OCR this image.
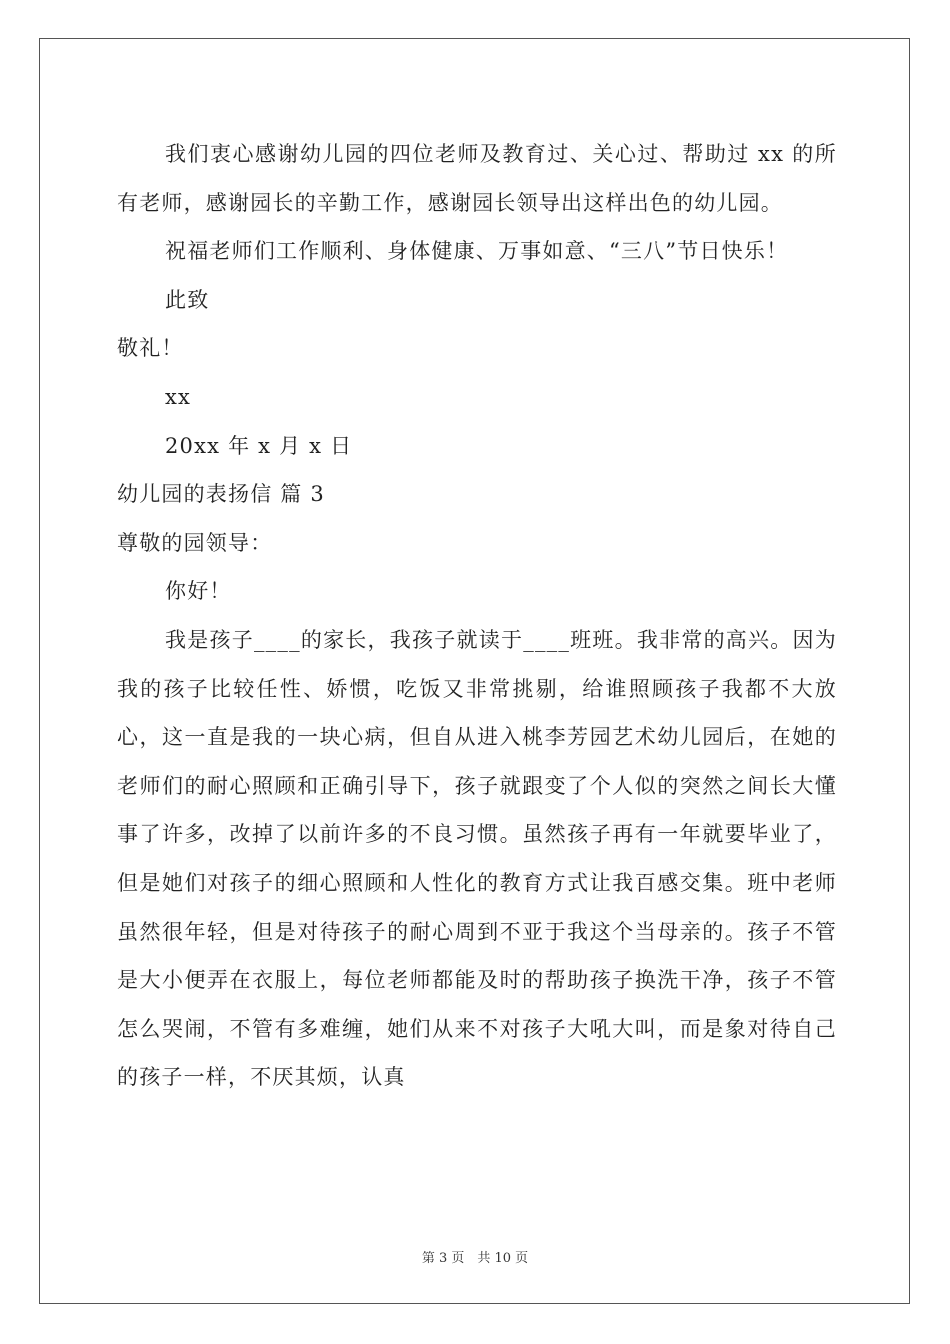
我们衷心感谢幼儿园的四位老师及教育过、关心过、帮助过 xx 的所有老师，感谢园长的辛勤工作，感谢园长领导出这样出色的幼儿园。

祝福老师们工作顺利、身体健康、万事如意、“三八”节日快乐！

此致

敬礼！

xx

20xx 年 x 月 x 日

幼儿园的表扬信 篇 3

尊敬的园领导：

你好！

我是孩子____的家长，我孩子就读于____班班。我非常的高兴。因为我的孩子比较任性、娇惯，吃饭又非常挑剔，给谁照顾孩子我都不大放心，这一直是我的一块心病，但自从进入桃李芳园艺术幼儿园后，在她的老师们的耐心照顾和正确引导下，孩子就跟变了个人似的突然之间长大懂事了许多，改掉了以前许多的不良习惯。虽然孩子再有一年就要毕业了，但是她们对孩子的细心照顾和人性化的教育方式让我百感交集。班中老师虽然很年轻，但是对待孩子的耐心周到不亚于我这个当母亲的。孩子不管是大小便弄在衣服上，每位老师都能及时的帮助孩子换洗干净，孩子不管怎么哭闹，不管有多难缠，她们从来不对孩子大吼大叫，而是象对待自己的孩子一样，不厌其烦，认真

第 3 页　共 10 页
